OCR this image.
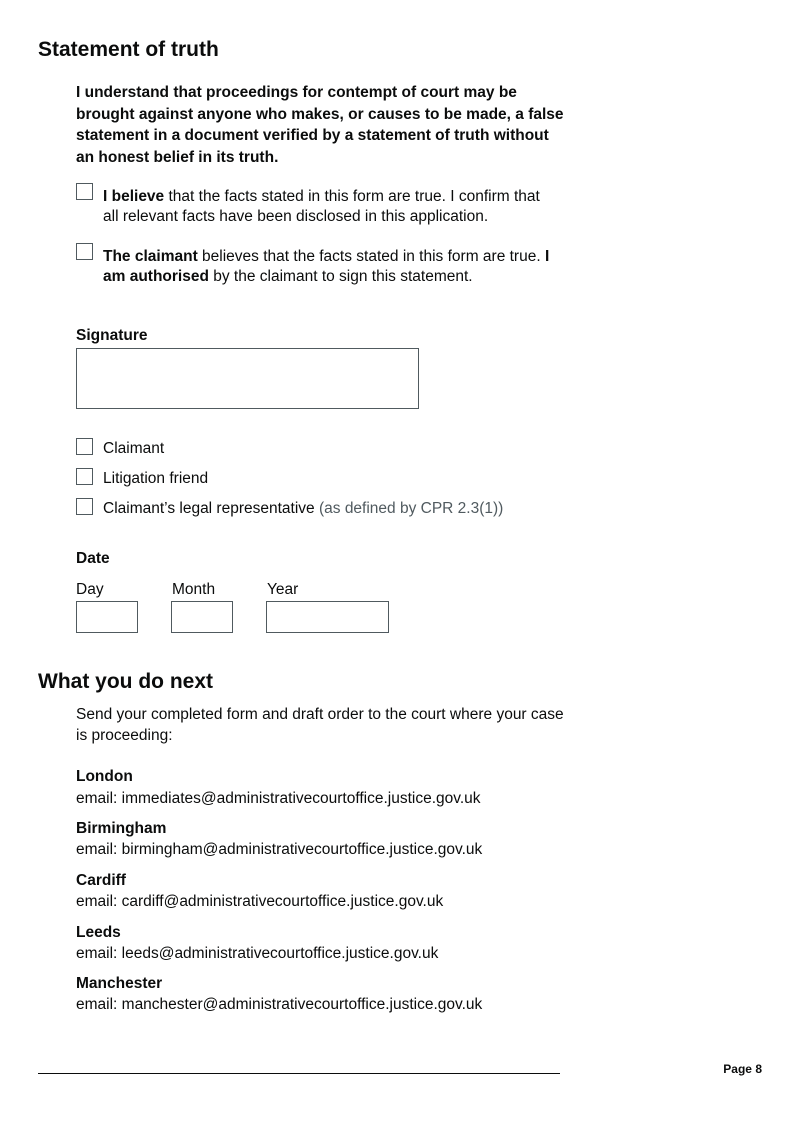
Statement of truth
I understand that proceedings for contempt of court may be brought against anyone who makes, or causes to be made, a false statement in a document verified by a statement of truth without an honest belief in its truth.
I believe that the facts stated in this form are true. I confirm that all relevant facts have been disclosed in this application.
The claimant believes that the facts stated in this form are true. I am authorised by the claimant to sign this statement.
Signature
Claimant
Litigation friend
Claimant’s legal representative (as defined by CPR 2.3(1))
Date
Day	Month	Year
What you do next
Send your completed form and draft order to the court where your case is proceeding:
London
email: immediates@administrativecourtoffice.justice.gov.uk
Birmingham
email: birmingham@administrativecourtoffice.justice.gov.uk
Cardiff
email: cardiff@administrativecourtoffice.justice.gov.uk
Leeds
email: leeds@administrativecourtoffice.justice.gov.uk
Manchester
email: manchester@administrativecourtoffice.justice.gov.uk
Page 8
